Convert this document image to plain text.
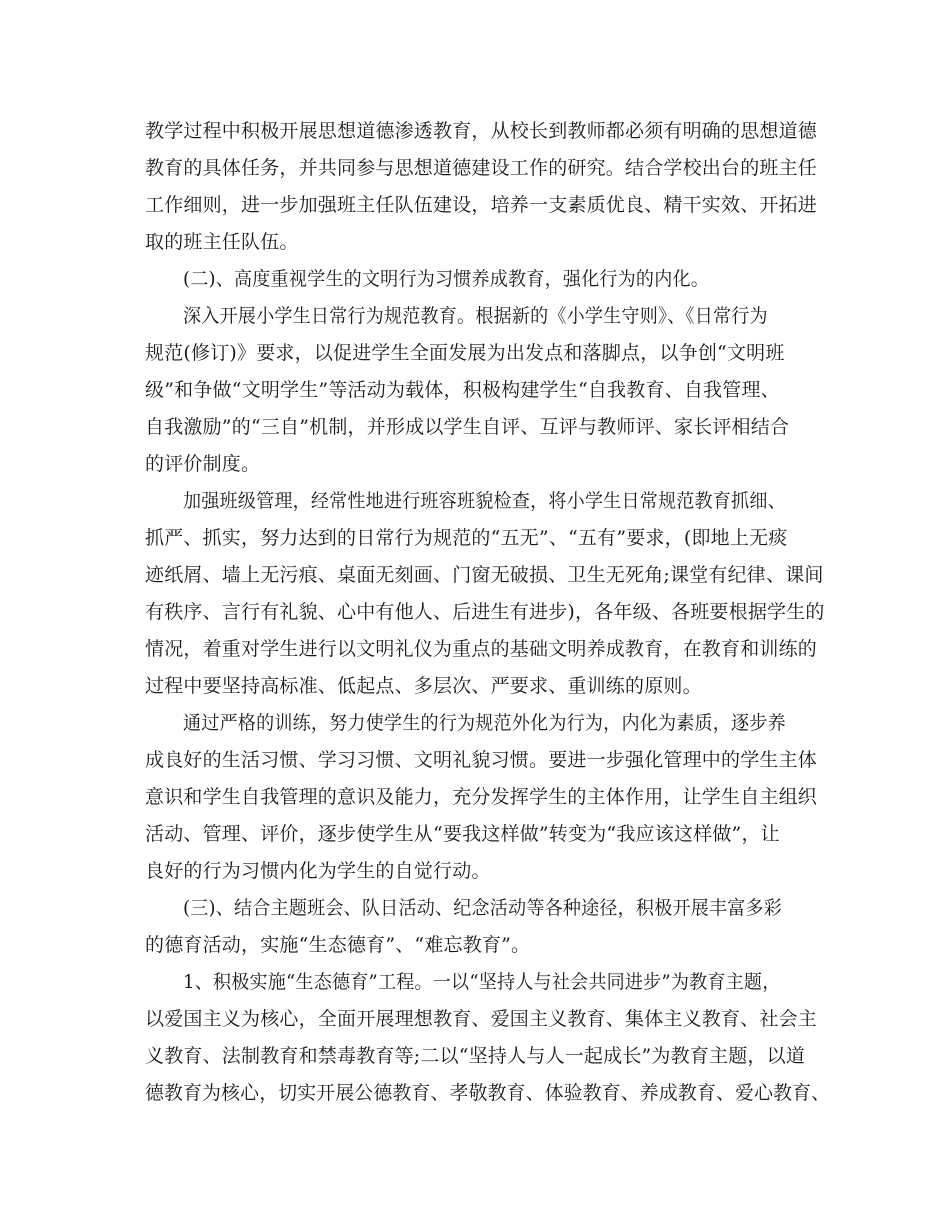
教学过程中积极开展思想道德渗透教育，从校长到教师都必须有明确的思想道德
教育的具体任务，并共同参与思想道德建设工作的研究。结合学校出台的班主任
工作细则，进一步加强班主任队伍建设，培养一支素质优良、精干实效、开拓进
取的班主任队伍。
(二)、高度重视学生的文明行为习惯养成教育，强化行为的内化。
深入开展小学生日常行为规范教育。根据新的《小学生守则》、《日常行为
规范(修订)》要求，以促进学生全面发展为出发点和落脚点，以争创“文明班
级”和争做“文明学生”等活动为载体，积极构建学生“自我教育、自我管理、
自我激励”的“三自”机制，并形成以学生自评、互评与教师评、家长评相结合
的评价制度。
加强班级管理，经常性地进行班容班貌检查，将小学生日常规范教育抓细、
抓严、抓实，努力达到的日常行为规范的“五无”、“五有”要求，(即地上无痰
迹纸屑、墙上无污痕、桌面无刻画、门窗无破损、卫生无死角;课堂有纪律、课间
有秩序、言行有礼貌、心中有他人、后进生有进步)，各年级、各班要根据学生的
情况，着重对学生进行以文明礼仪为重点的基础文明养成教育，在教育和训练的
过程中要坚持高标准、低起点、多层次、严要求、重训练的原则。
通过严格的训练，努力使学生的行为规范外化为行为，内化为素质，逐步养
成良好的生活习惯、学习习惯、文明礼貌习惯。要进一步强化管理中的学生主体
意识和学生自我管理的意识及能力，充分发挥学生的主体作用，让学生自主组织
活动、管理、评价，逐步使学生从“要我这样做”转变为“我应该这样做”，让
良好的行为习惯内化为学生的自觉行动。
(三)、结合主题班会、队日活动、纪念活动等各种途径，积极开展丰富多彩
的德育活动，实施“生态德育”、“难忘教育”。
1、积极实施“生态德育”工程。一以“坚持人与社会共同进步”为教育主题，
以爱国主义为核心，全面开展理想教育、爱国主义教育、集体主义教育、社会主
义教育、法制教育和禁毒教育等;二以“坚持人与人一起成长”为教育主题，以道
德教育为核心，切实开展公德教育、孝敬教育、体验教育、养成教育、爱心教育、
